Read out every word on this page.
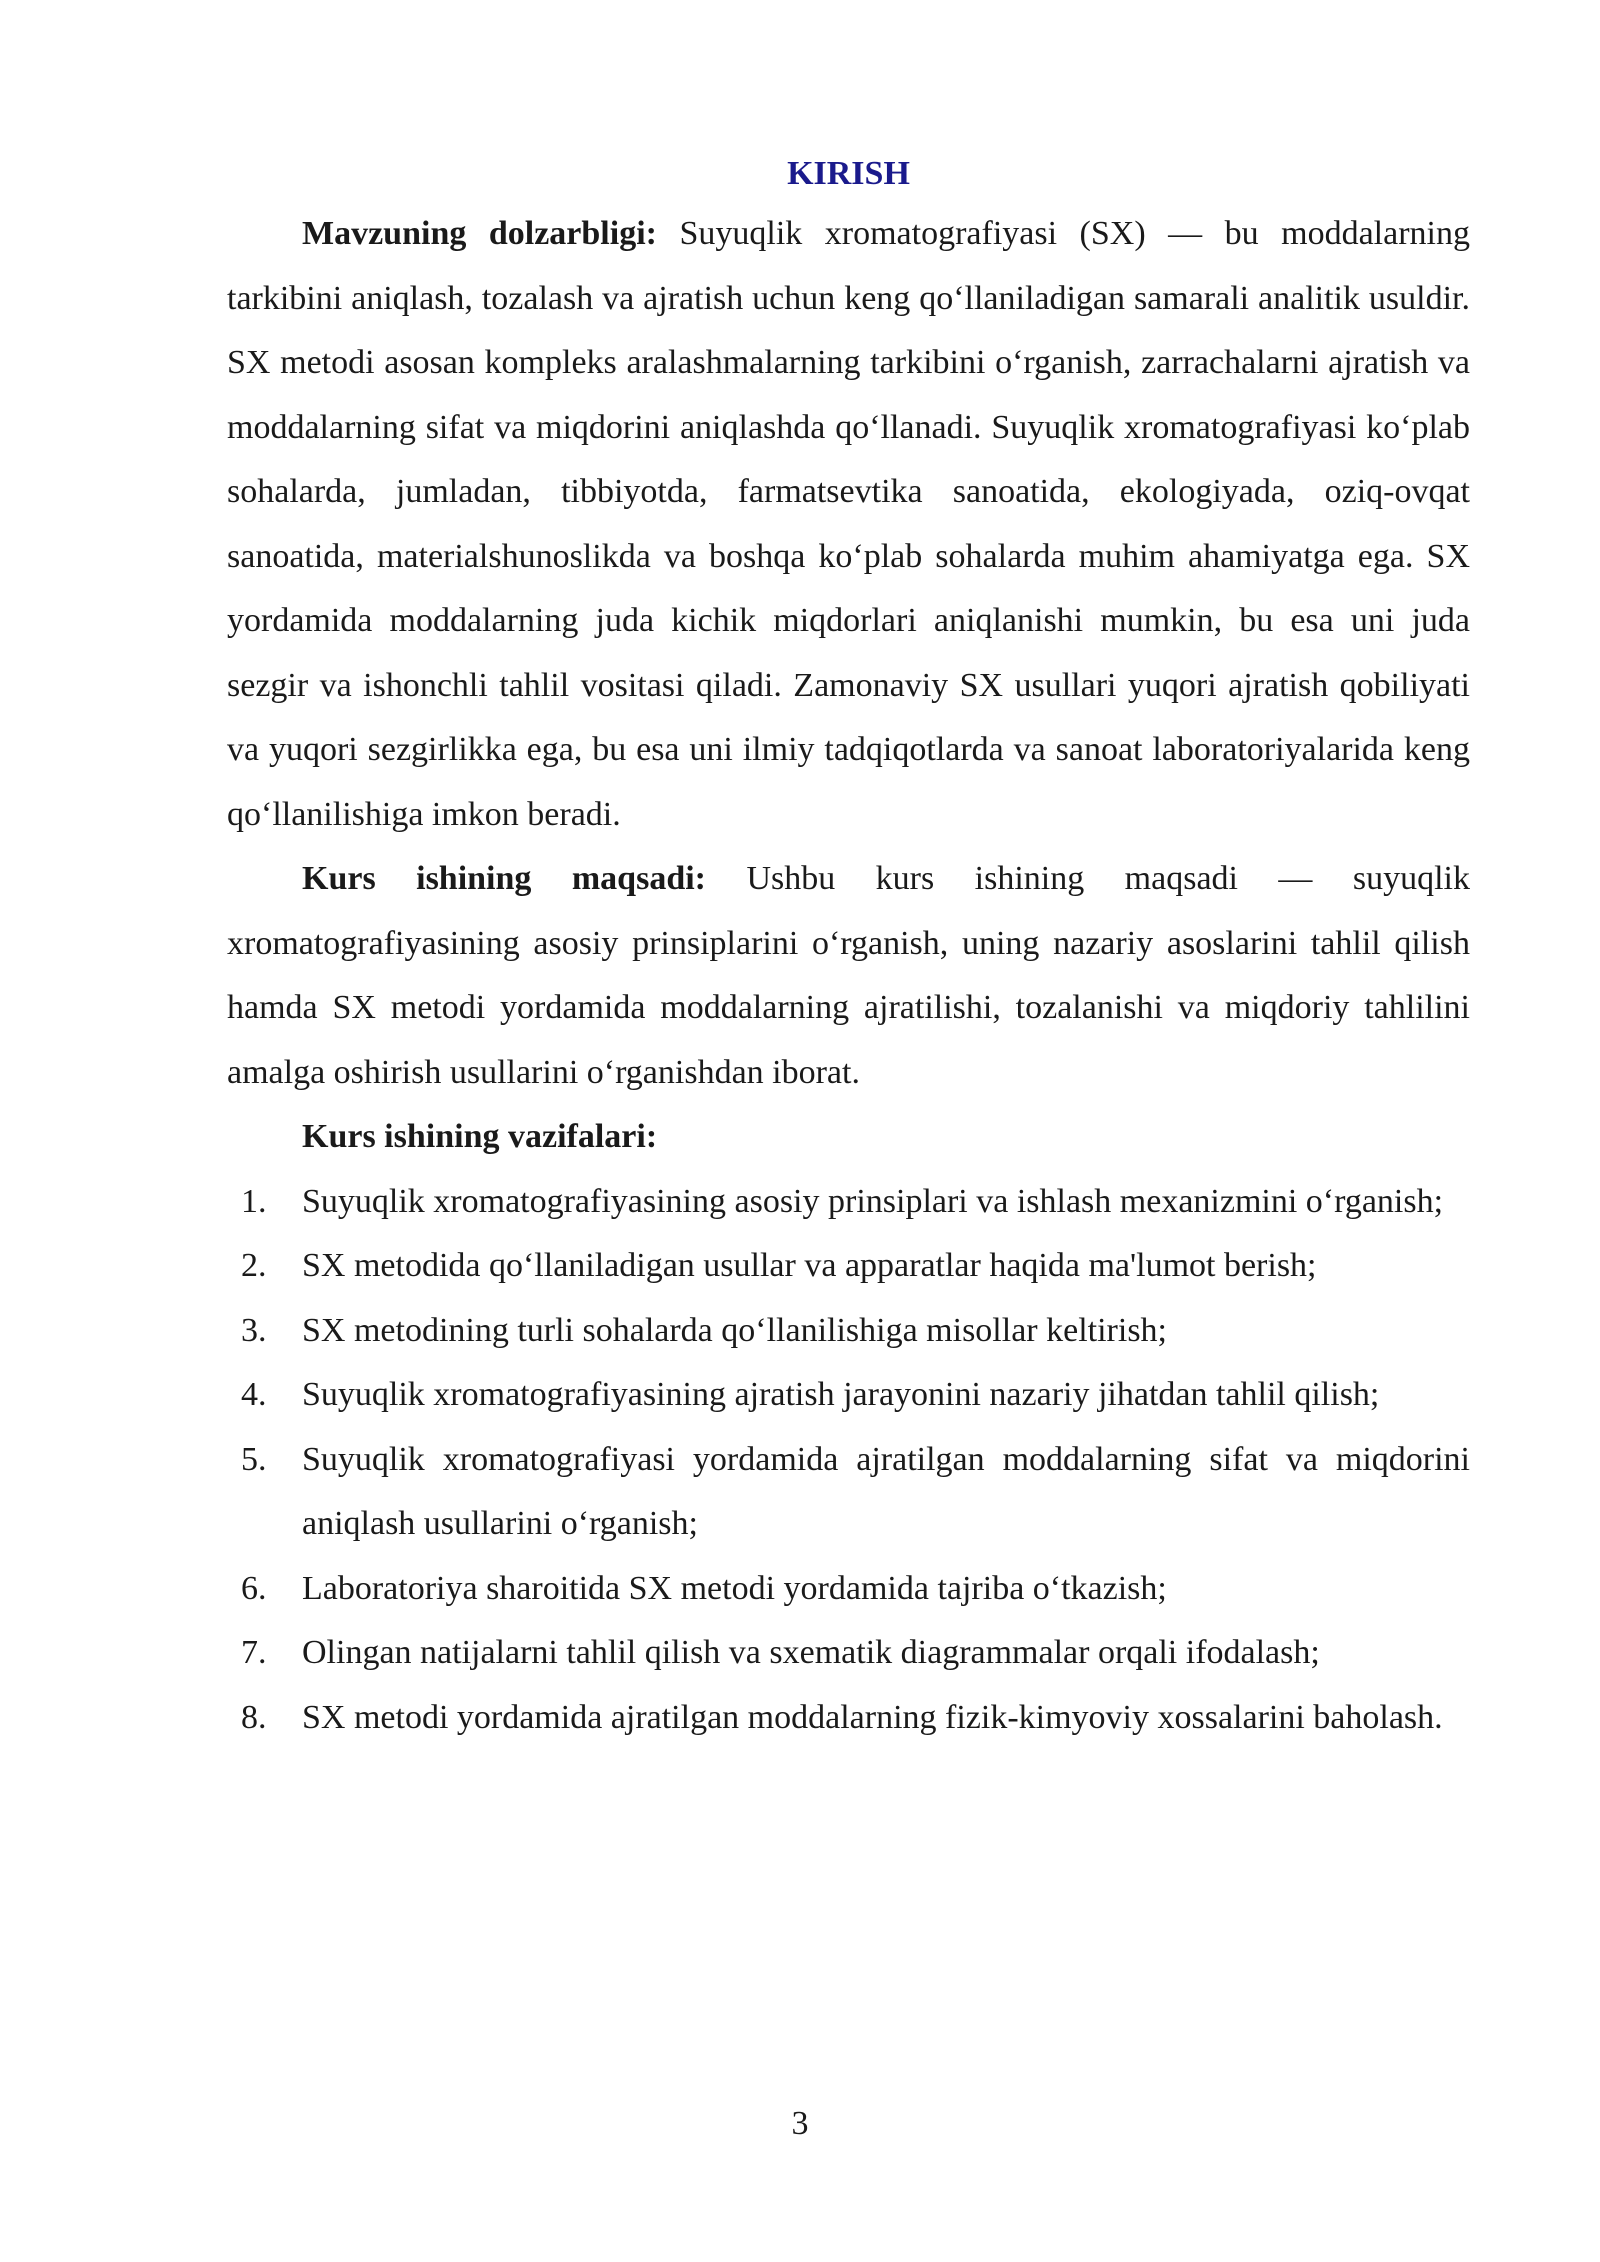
KIRISH

Mavzuning dolzarbligi: Suyuqlik xromatografiyasi (SX) — bu moddalarning tarkibini aniqlash, tozalash va ajratish uchun keng qo‘llaniladigan samarali analitik usuldir. SX metodi asosan kompleks aralashmalarning tarkibini o‘rganish, zarrachalarni ajratish va moddalarning sifat va miqdorini aniqlashda qo‘llanadi. Suyuqlik xromatografiyasi ko‘plab sohalarda, jumladan, tibbiyotda, farmatsevtika sanoatida, ekologiyada, oziq-ovqat sanoatida, materialshunoslikda va boshqa ko‘plab sohalarda muhim ahamiyatga ega. SX yordamida moddalarning juda kichik miqdorlari aniqlanishi mumkin, bu esa uni juda sezgir va ishonchli tahlil vositasi qiladi. Zamonaviy SX usullari yuqori ajratish qobiliyati va yuqori sezgirlikka ega, bu esa uni ilmiy tadqiqotlarda va sanoat laboratoriyalarida keng qo‘llanilishiga imkon beradi.

Kurs ishining maqsadi: Ushbu kurs ishining maqsadi — suyuqlik xromatografiyasining asosiy prinsiplarini o‘rganish, uning nazariy asoslarini tahlil qilish hamda SX metodi yordamida moddalarning ajratilishi, tozalanishi va miqdoriy tahlilini amalga oshirish usullarini o‘rganishdan iborat.

Kurs ishining vazifalari:

1.	Suyuqlik xromatografiyasining asosiy prinsiplari va ishlash mexanizmini o‘rganish;
2.	SX metodida qo‘llaniladigan usullar va apparatlar haqida ma'lumot berish;
3.	SX metodining turli sohalarda qo‘llanilishiga misollar keltirish;
4.	Suyuqlik xromatografiyasining ajratish jarayonini nazariy jihatdan tahlil qilish;
5.	Suyuqlik xromatografiyasi yordamida ajratilgan moddalarning sifat va miqdorini aniqlash usullarini o‘rganish;
6.	Laboratoriya sharoitida SX metodi yordamida tajriba o‘tkazish;
7.	Olingan natijalarni tahlil qilish va sxematik diagrammalar orqali ifodalash;
8.	SX metodi yordamida ajratilgan moddalarning fizik-kimyoviy xossalarini baholash.
3
